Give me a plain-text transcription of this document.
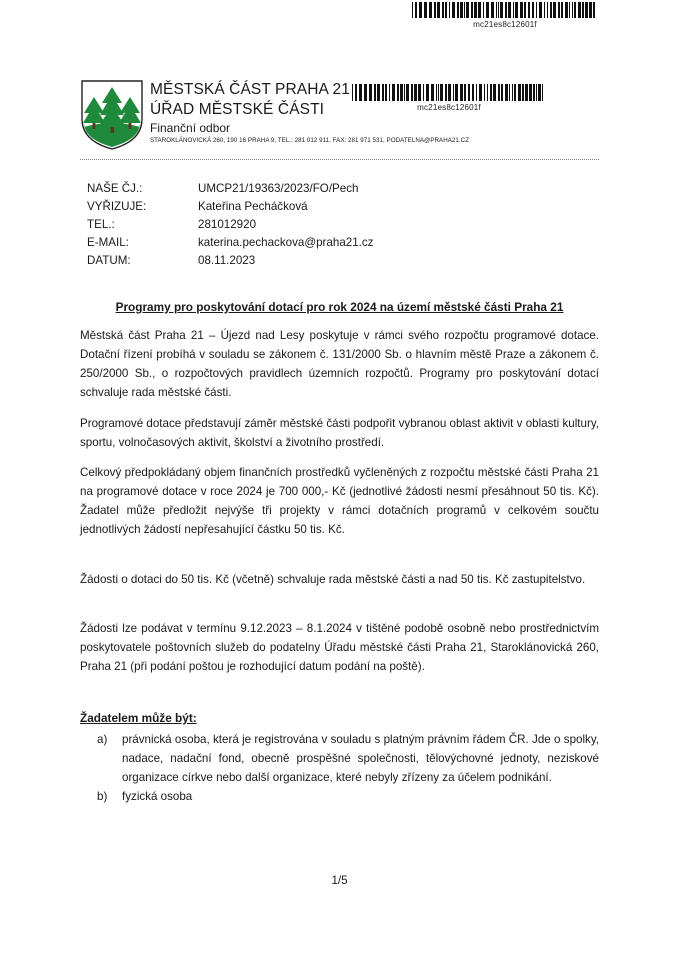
mc21es8c12601f
MĚSTSKÁ ČÁST PRAHA 21
ÚŘAD MĚSTSKÉ ČÁSTI
Finanční odbor
STAROKLÁNOVICKÁ 260, 190 16 PRAHA 9, TEL.: 281 012 911, FAX: 281 971 531, PODATELNA@PRAHA21.CZ
mc21es8c12601f
NAŠE ČJ.:	UMCP21/19363/2023/FO/Pech
VYŘIZUJE:	Kateřina Pecháčková
TEL.:	281012920
E-MAIL:	katerina.pechackova@praha21.cz
DATUM:	08.11.2023
Programy pro poskytování dotací pro rok 2024 na území městské části Praha 21

Městská část Praha 21 – Újezd nad Lesy poskytuje v rámci svého rozpočtu programové dotace. Dotační řízení probíhá v souladu se zákonem č. 131/2000 Sb. o hlavním městě Praze a zákonem č. 250/2000 Sb., o rozpočtových pravidlech územních rozpočtů. Programy pro poskytování dotací schvaluje rada městské části.

Programové dotace představují záměr městské části podpořit vybranou oblast aktivit v oblasti kultury, sportu, volnočasových aktivit, školství a životního prostředí.

Celkový předpokládaný objem finančních prostředků vyčleněných z rozpočtu městské části Praha 21 na programové dotace v roce 2024 je 700 000,- Kč (jednotlivé žádosti nesmí přesáhnout 50 tis. Kč). Žadatel může předložit nejvýše tři projekty v rámci dotačních programů v celkovém součtu jednotlivých žádostí nepřesahující částku 50 tis. Kč.

Žádosti o dotaci do 50 tis. Kč (včetně) schvaluje rada městské části a nad 50 tis. Kč zastupitelstvo.

Žádosti lze podávat v termínu 9.12.2023 – 8.1.2024 v tištěné podobě osobně nebo prostřednictvím poskytovatele poštovních služeb do podatelny Úřadu městské části Praha 21, Staroklánovická 260, Praha 21 (při podání poštou je rozhodující datum podání na poště).

Žadatelem může být:
a)	právnická osoba, která je registrována v souladu s platným právním řádem ČR. Jde o spolky, nadace, nadační fond, obecně prospěšné společnosti, tělovýchovné jednoty, neziskové organizace církve nebo další organizace, které nebyly zřízeny za účelem podnikání.
b)	fyzická osoba
1/5
